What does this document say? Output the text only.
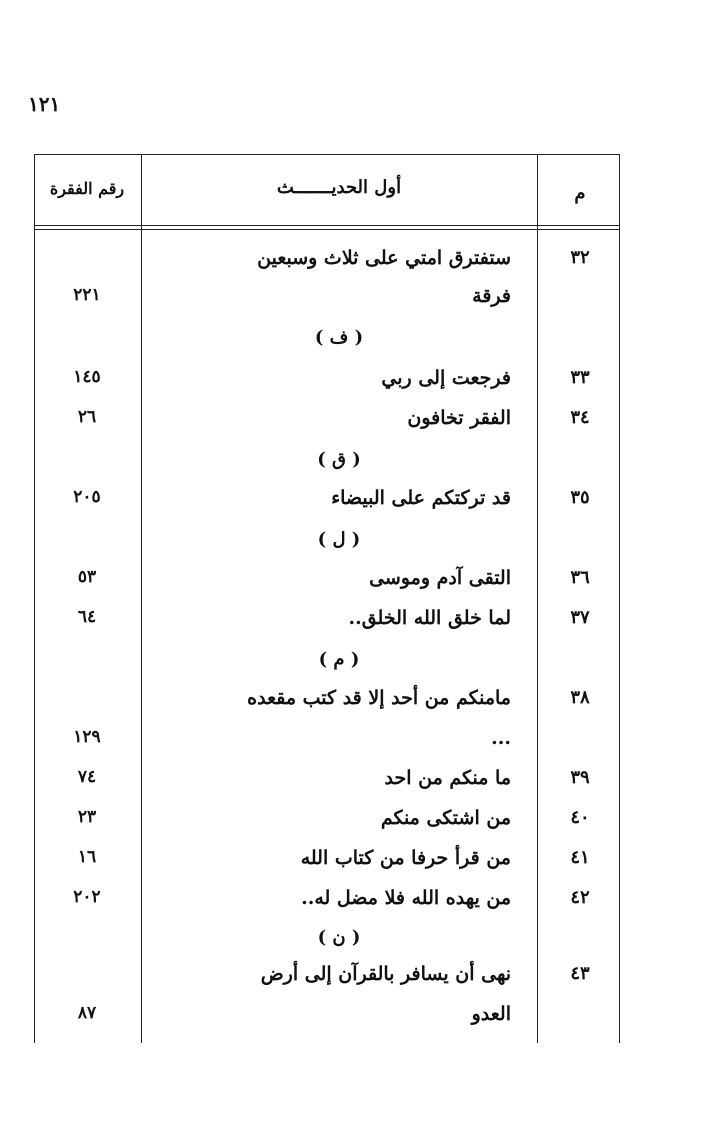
١٢١
م
أول الحديـــــــث
رقم الفقرة
٣٢
ستفترق امتي على ثلاث وسبعين
فرقة
٢٢١
( ف )
٣٣
فرجعت إلى ربي
١٤٥
٣٤
الفقر تخافون
٢٦
( ق )
٣٥
قد تركتكم على البيضاء
٢٠٥
( ل )
٣٦
التقى آدم وموسى
٥٣
٣٧
لما خلق الله الخلق..
٦٤
( م )
٣٨
مامنكم من أحد إلا قد كتب مقعده
...
١٢٩
٣٩
ما منكم من احد
٧٤
٤٠
من اشتكى منكم
٢٣
٤١
من قرأ حرفا من كتاب الله
١٦
٤٢
من يهده الله فلا مضل له..
٢٠٢
( ن )
٤٣
نهى أن يسافر بالقرآن إلى أرض
العدو
٨٧
